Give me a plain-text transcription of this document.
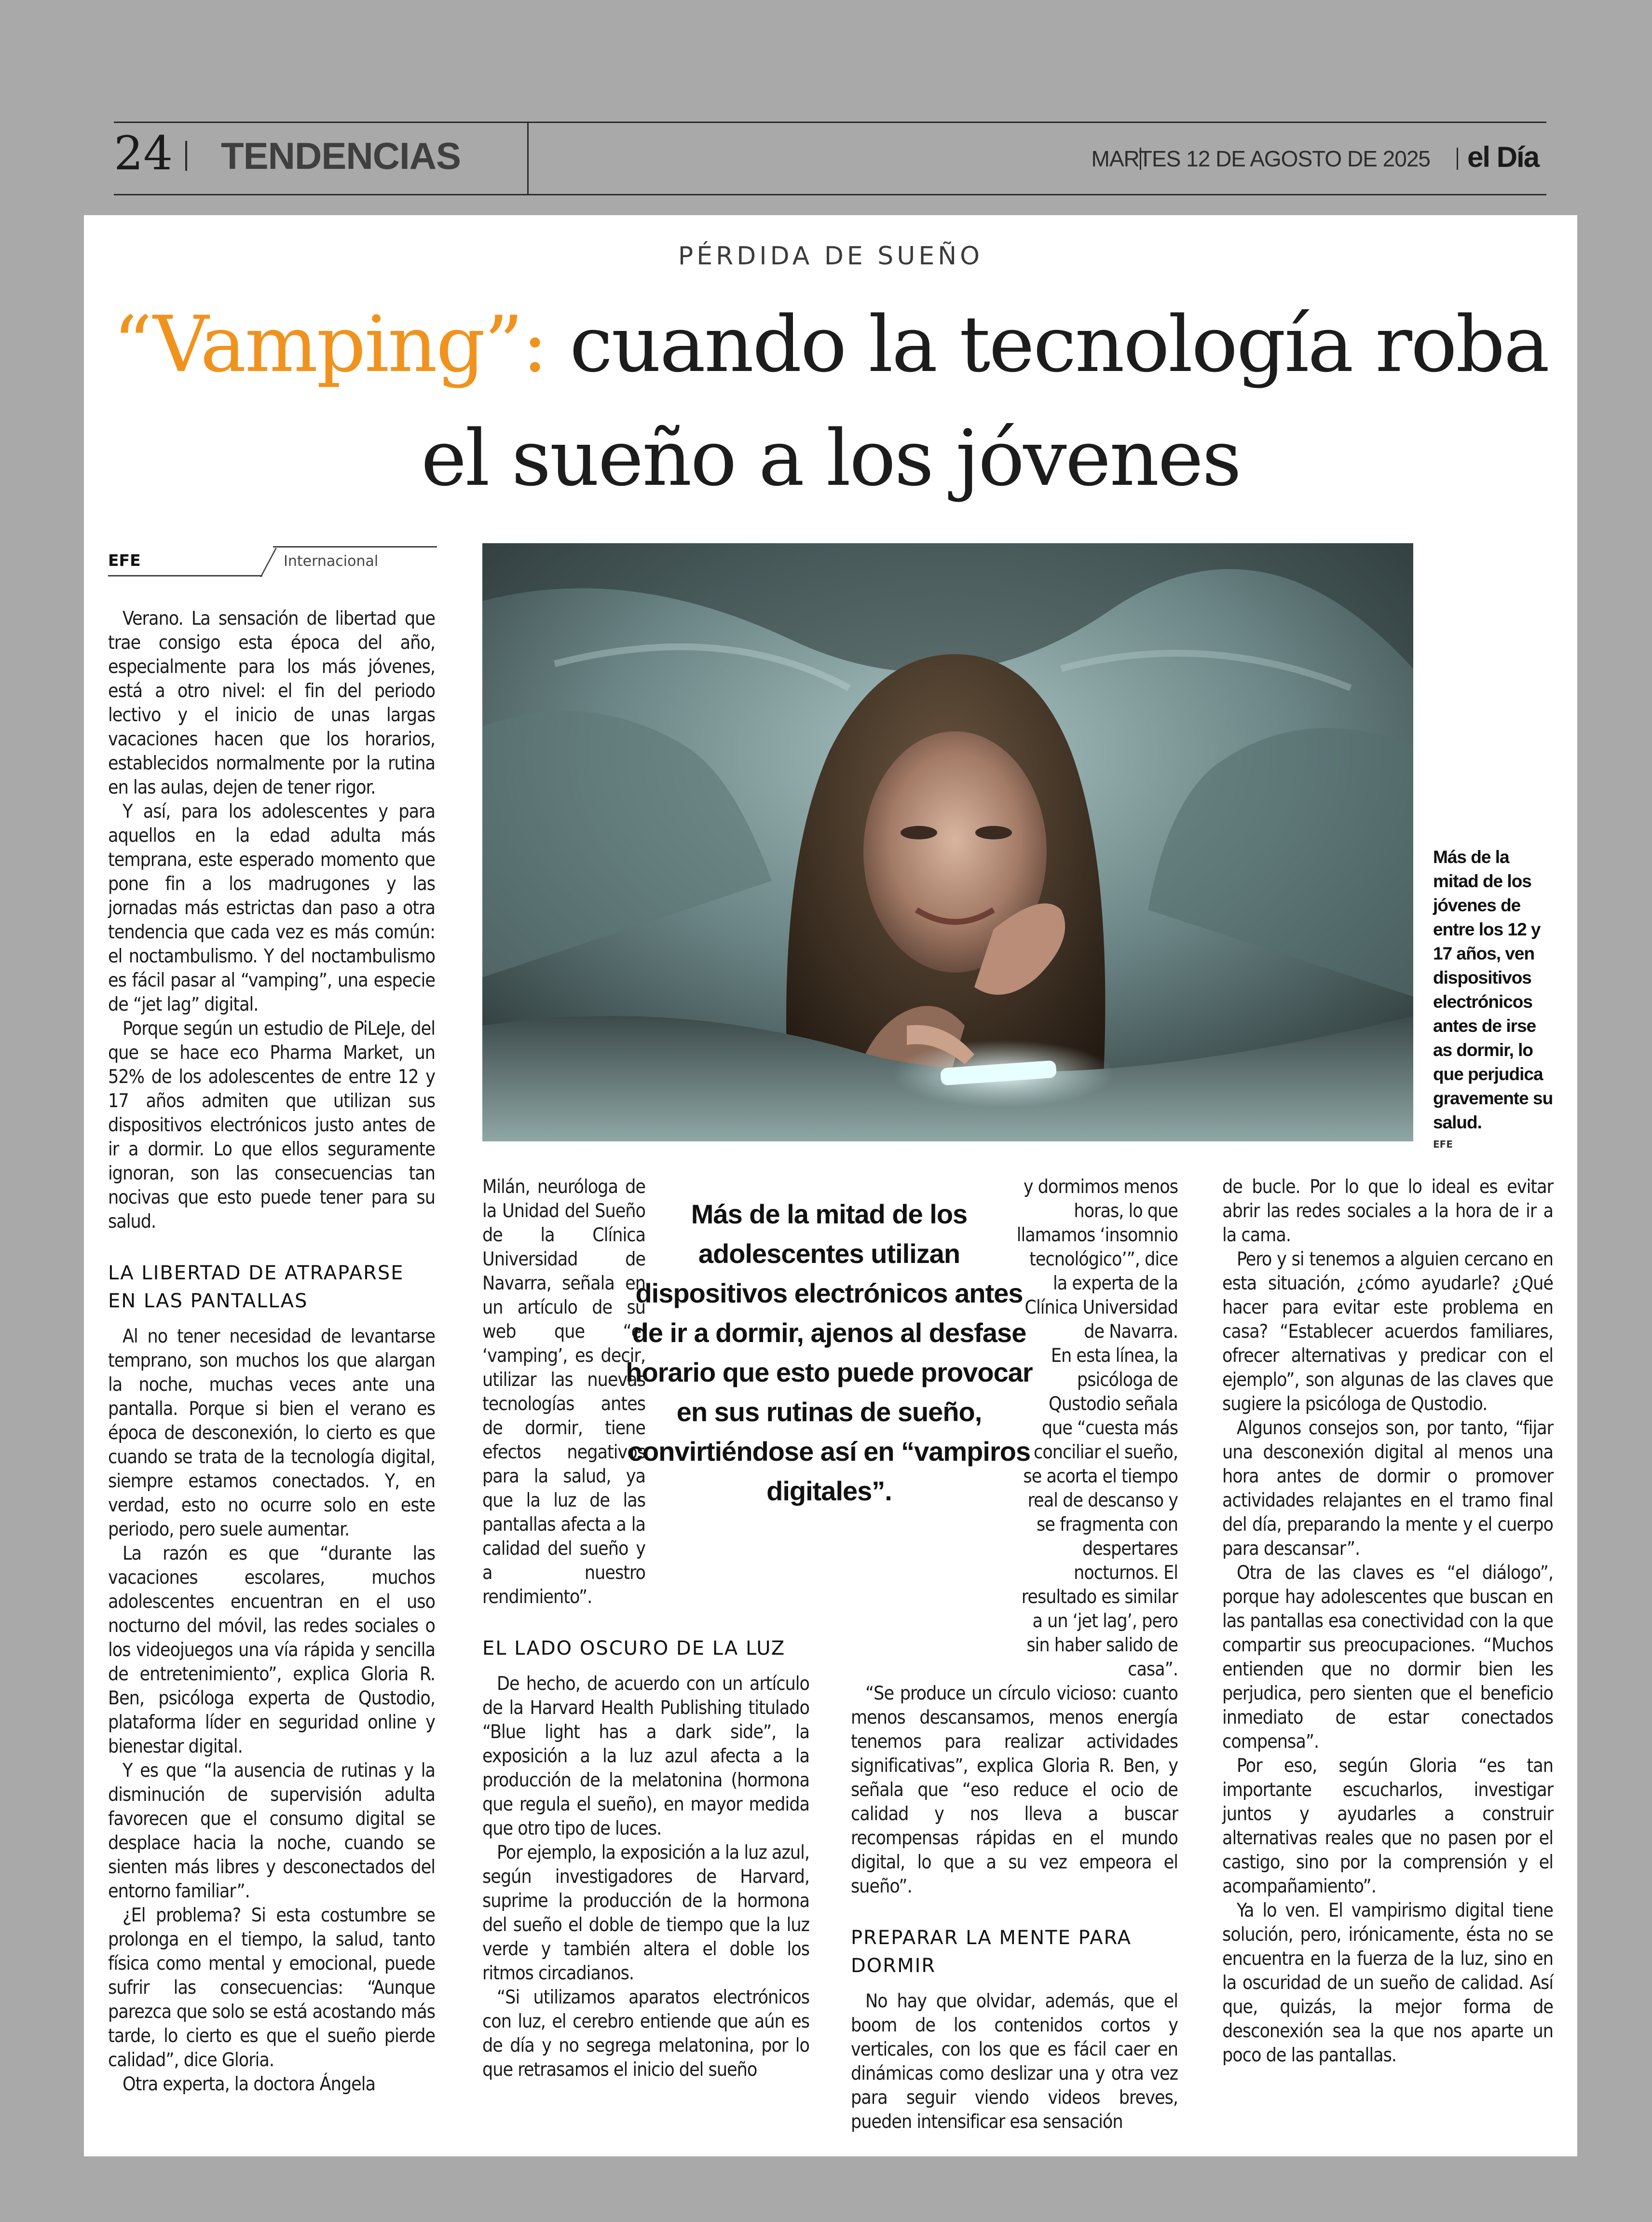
24 TENDENCIAS	MARTES 12 DE AGOSTO DE 2025 el Día
PÉRDIDA DE SUEÑO
“Vamping”: cuando la tecnología roba el sueño a los jóvenes
EFE	Internacional
Más de la mitad de los jóvenes de entre los 12 y 17 años, ven dispositivos electrónicos antes de irse as dormir, lo que perjudica gravemente su salud.
EFE

Verano. La sensación de libertad que trae consigo esta época del año, especialmente para los más jóvenes, está a otro nivel: el fin del periodo lectivo y el inicio de unas largas vacaciones hacen que los horarios, establecidos normalmente por la rutina en las aulas, dejen de tener rigor.

Y así, para los adolescentes y para aquellos en la edad adulta más temprana, este esperado momento que pone fin a los madrugones y las jornadas más estrictas dan paso a otra tendencia que cada vez es más común: el noctambulismo. Y del noctambulismo es fácil pasar al “vamping”, una especie de “jet lag” digital.

Porque según un estudio de PiLeJe, del que se hace eco Pharma Market, un 52% de los adolescentes de entre 12 y 17 años admiten que utilizan sus dispositivos electrónicos justo antes de ir a dormir. Lo que ellos seguramente ignoran, son las consecuencias tan nocivas que esto puede tener para su salud.

LA LIBERTAD DE ATRAPARSE EN LAS PANTALLAS

Al no tener necesidad de levantarse temprano, son muchos los que alargan la noche, muchas veces ante una pantalla. Porque si bien el verano es época de desconexión, lo cierto es que cuando se trata de la tecnología digital, siempre estamos conectados. Y, en verdad, esto no ocurre solo en este periodo, pero suele aumentar.

La razón es que “durante las vacaciones escolares, muchos adolescentes encuentran en el uso nocturno del móvil, las redes sociales o los videojuegos una vía rápida y sencilla de entretenimiento”, explica Gloria R. Ben, psicóloga experta de Qustodio, plataforma líder en seguridad online y bienestar digital.

Y es que “la ausencia de rutinas y la disminución de supervisión adulta favorecen que el consumo digital se desplace hacia la noche, cuando se sienten más libres y desconectados del entorno familiar”.

¿El problema? Si esta costumbre se prolonga en el tiempo, la salud, tanto física como mental y emocional, puede sufrir las consecuencias: “Aunque parezca que solo se está acostando más tarde, lo cierto es que el sueño pierde calidad”, dice Gloria.

Otra experta, la doctora Ángela

Milán, neuróloga de la Unidad del Sueño de la Clínica Universidad de Navarra, señala en un artículo de su web que “el ‘vamping’, es decir, utilizar las nuevas tecnologías antes de dormir, tiene efectos negativos para la salud, ya que la luz de las pantallas afecta a la calidad del sueño y a nuestro rendimiento”.

EL LADO OSCURO DE LA LUZ

De hecho, de acuerdo con un artículo de la Harvard Health Publishing titulado “Blue light has a dark side”, la exposición a la luz azul afecta a la producción de la melatonina (hormona que regula el sueño), en mayor medida que otro tipo de luces.

Por ejemplo, la exposición a la luz azul, según investigadores de Harvard, suprime la producción de la hormona del sueño el doble de tiempo que la luz verde y también altera el doble los ritmos circadianos.

“Si utilizamos aparatos electrónicos con luz, el cerebro entiende que aún es de día y no segrega melatonina, por lo que retrasamos el inicio del sueño

y dormimos menos horas, lo que llamamos ‘insomnio tecnológico’”, dice la experta de la Clínica Universidad de Navarra.

En esta línea, la psicóloga de Qustodio señala que “cuesta más conciliar el sueño, se acorta el tiempo real de descanso y se fragmenta con despertares nocturnos. El resultado es similar a un ‘jet lag’, pero sin haber salido de casa”.

“Se produce un círculo vicioso: cuanto menos descansamos, menos energía tenemos para realizar actividades significativas”, explica Gloria R. Ben, y señala que “eso reduce el ocio de calidad y nos lleva a buscar recompensas rápidas en el mundo digital, lo que a su vez empeora el sueño”.

PREPARAR LA MENTE PARA DORMIR

No hay que olvidar, además, que el boom de los contenidos cortos y verticales, con los que es fácil caer en dinámicas como deslizar una y otra vez para seguir viendo videos breves, pueden intensificar esa sensación

de bucle. Por lo que lo ideal es evitar abrir las redes sociales a la hora de ir a la cama.

Pero y si tenemos a alguien cercano en esta situación, ¿cómo ayudarle? ¿Qué hacer para evitar este problema en casa? “Establecer acuerdos familiares, ofrecer alternativas y predicar con el ejemplo”, son algunas de las claves que sugiere la psicóloga de Qustodio.

Algunos consejos son, por tanto, “fijar una desconexión digital al menos una hora antes de dormir o promover actividades relajantes en el tramo final del día, preparando la mente y el cuerpo para descansar”.

Otra de las claves es “el diálogo”, porque hay adolescentes que buscan en las pantallas esa conectividad con la que compartir sus preocupaciones. “Muchos entienden que no dormir bien les perjudica, pero sienten que el beneficio inmediato de estar conectados compensa”.

Por eso, según Gloria “es tan importante escucharlos, investigar juntos y ayudarles a construir alternativas reales que no pasen por el castigo, sino por la comprensión y el acompañamiento”.

Ya lo ven. El vampirismo digital tiene solución, pero, irónicamente, ésta no se encuentra en la fuerza de la luz, sino en la oscuridad de un sueño de calidad. Así que, quizás, la mejor forma de desconexión sea la que nos aparte un poco de las pantallas.

Más de la mitad de los adolescentes utilizan dispositivos electrónicos antes de ir a dormir, ajenos al desfase horario que esto puede provocar en sus rutinas de sueño, convirtiéndose así en “vampiros digitales”.
